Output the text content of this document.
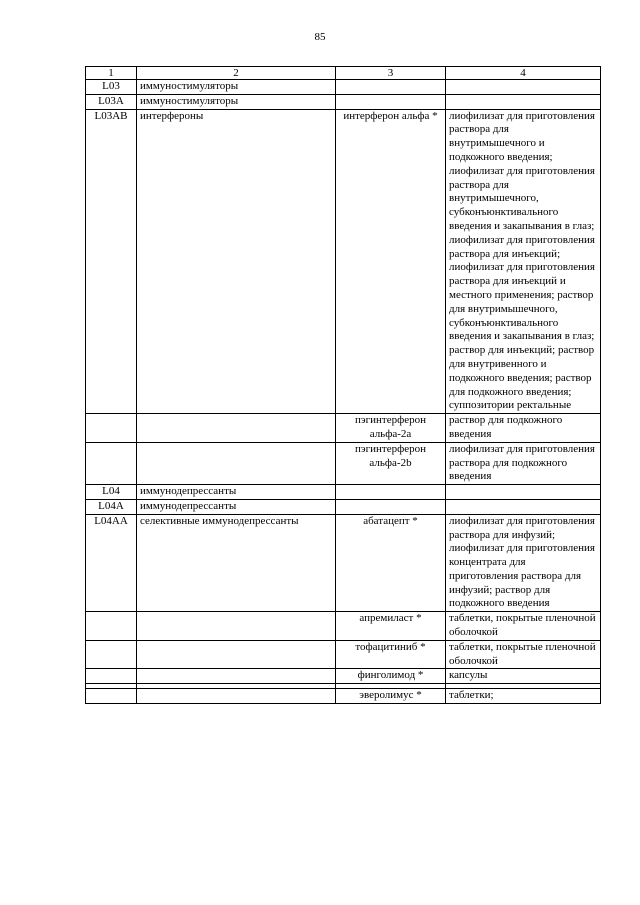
85
1	2	3	4
L03	иммуностимуляторы		
L03A	иммуностимуляторы		
L03AB	интерфероны	интерферон альфа *	лиофилизат для приготовления раствора для внутримышечного и подкожного введения; лиофилизат для приготовления раствора для внутримышечного, субконъюнктивального введения и закапывания в глаз; лиофилизат для приготовления раствора для инъекций; лиофилизат для приготовления раствора для инъекций и местного применения; раствор для внутримышечного, субконъюнктивального введения и закапывания в глаз; раствор для инъекций; раствор для внутривенного и подкожного введения; раствор для подкожного введения; суппозитории ректальные
		пэгинтерферон альфа-2a	раствор для подкожного введения
		пэгинтерферон альфа-2b	лиофилизат для приготовления раствора для подкожного введения
L04	иммунодепрессанты		
L04A	иммунодепрессанты		
L04AA	селективные иммунодепрессанты	абатацепт *	лиофилизат для приготовления раствора для инфузий; лиофилизат для приготовления концентрата для приготовления раствора для инфузий; раствор для подкожного введения
		апремиласт *	таблетки, покрытые пленочной оболочкой
		тофацитиниб *	таблетки, покрытые пленочной оболочкой
		финголимод *	капсулы

		эверолимус *	таблетки;
